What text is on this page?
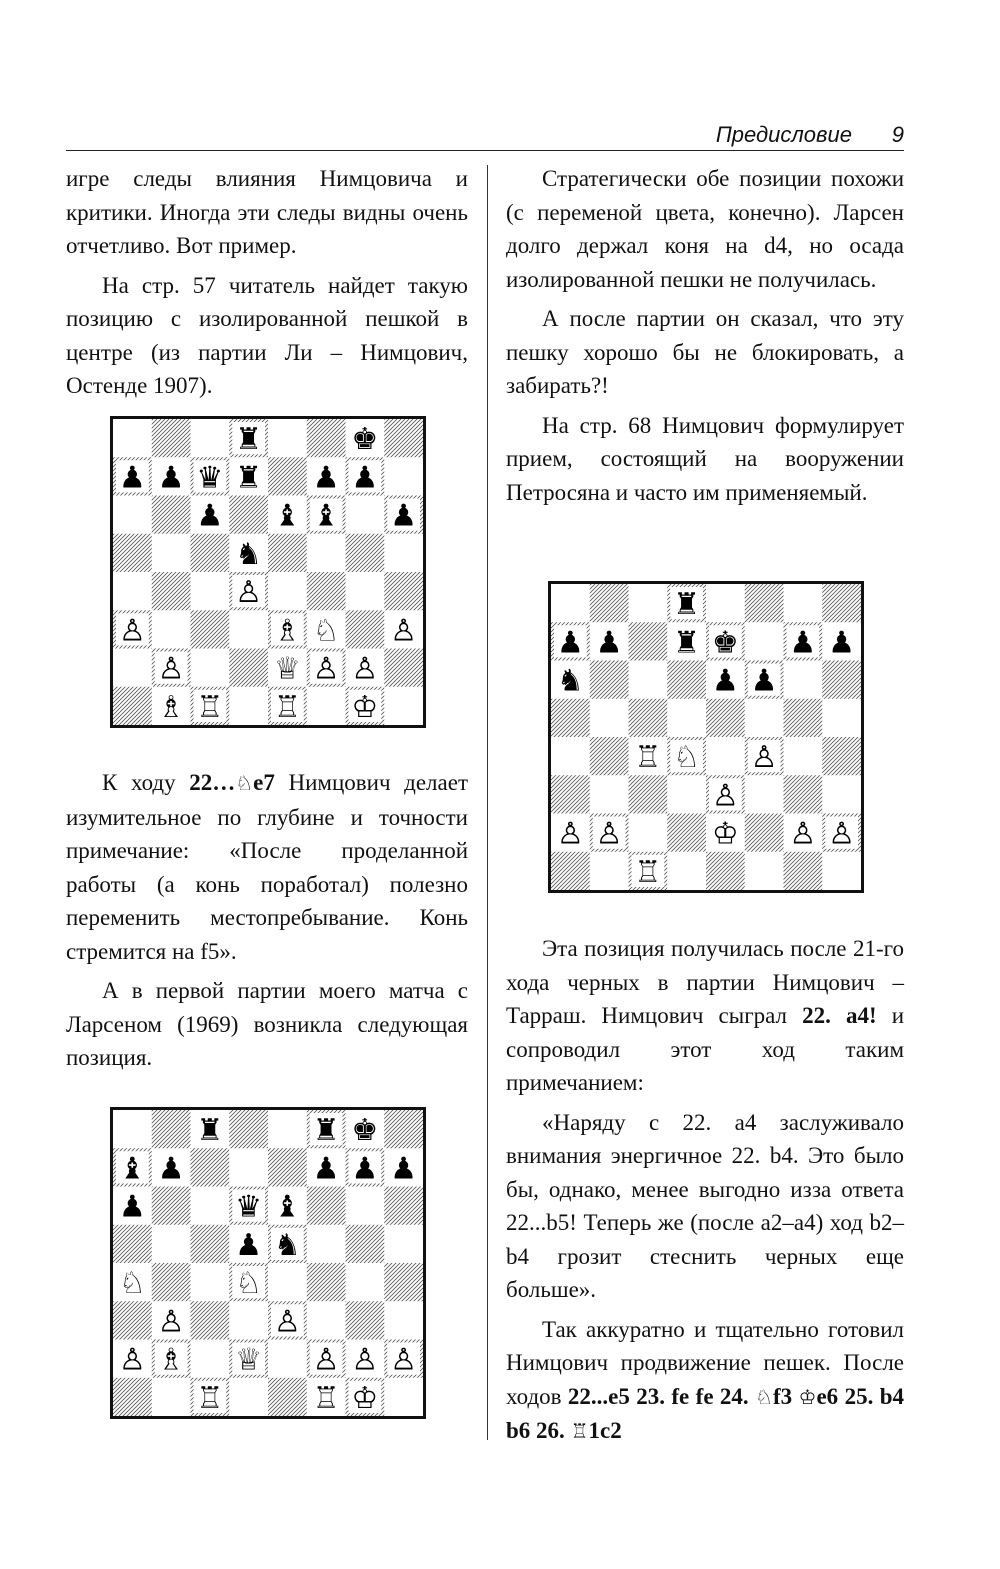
Предисловие 9

игре следы влияния Нимцовича и критики. Иногда эти следы видны очень отчетливо. Вот пример.

На стр. 57 читатель найдет такую позицию с изолированной пешкой в центре (из партии Ли – Нимцович, Остенде 1907).

♜	♚
♟ ♟ ♛ ♜ ♟ ♟
♟ ♝ ♝ ♟
♞
♙
♙	♗ ♘ ♙
♙	♕ ♙ ♙
♗ ♖ ♖ ♔

К ходу 22…♘e7 Нимцович делает изумительное по глубине и точности примечание: «После проделанной работы (а конь поработал) полезно переменить местопребывание. Конь стремится на f5».

А в первой партии моего матча с Ларсеном (1969) возникла следующая позиция.

♜	♜ ♚
♝ ♟	♟ ♟ ♟
♟	♛ ♝
♟ ♞
♘	♘
♙	♙
♙ ♗ ♕ ♙ ♙ ♙
♖	♖ ♔

Стратегически обе позиции похожи (с переменой цвета, конечно). Ларсен долго держал коня на d4, но осада изолированной пешки не получилась.

А после партии он сказал, что эту пешку хорошо бы не блокировать, а забирать?!

На стр. 68 Нимцович формулирует прием, состоящий на вооружении Петросяна и часто им применяемый.

♜
♟ ♟ ♜ ♚ ♟ ♟
♞	♟ ♟
♖ ♘ ♙
♙
♙ ♙	♔ ♙ ♙
♖

Эта позиция получилась после 21-го хода черных в партии Нимцович – Тарраш. Нимцович сыграл 22. a4! и сопроводил этот ход таким примечанием:

«Наряду с 22. a4 заслуживало внимания энергичное 22. b4. Это было бы, однако, менее выгодно изза ответа 22...b5! Теперь же (после a2–a4) ход b2–b4 грозит стеснить черных еще больше».

Так аккуратно и тщательно готовил Нимцович продвижение пешек. После ходов 22...e5 23. fe fe 24. ♘f3 ♔e6 25. b4 b6 26. ♖1c2
